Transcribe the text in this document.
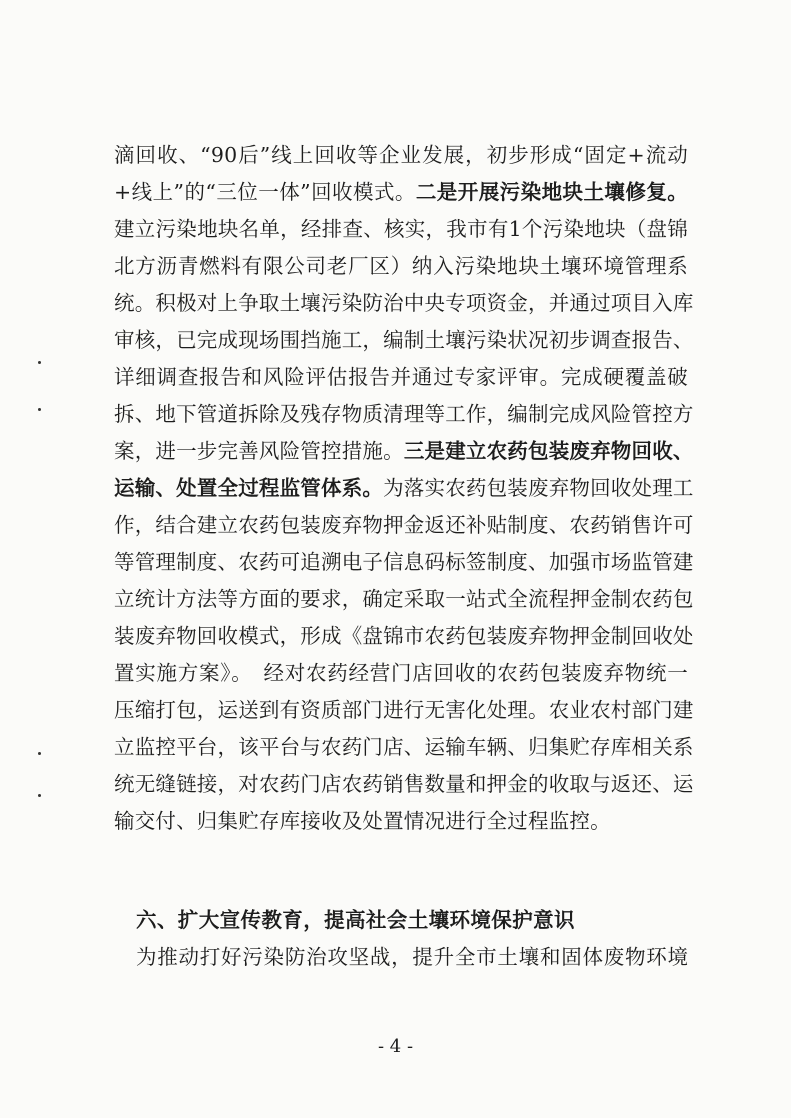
滴回收、“90后”线上回收等企业发展，初步形成“固定+流动
+线上”的“三位一体”回收模式。二是开展污染地块土壤修复。
建立污染地块名单，经排查、核实，我市有1个污染地块（盘锦
北方沥青燃料有限公司老厂区）纳入污染地块土壤环境管理系
统。积极对上争取土壤污染防治中央专项资金，并通过项目入库
审核，已完成现场围挡施工，编制土壤污染状况初步调查报告、
详细调查报告和风险评估报告并通过专家评审。完成硬覆盖破
拆、地下管道拆除及残存物质清理等工作，编制完成风险管控方
案，进一步完善风险管控措施。三是建立农药包装废弃物回收、
运输、处置全过程监管体系。为落实农药包装废弃物回收处理工
作，结合建立农药包装废弃物押金返还补贴制度、农药销售许可
等管理制度、农药可追溯电子信息码标签制度、加强市场监管建
立统计方法等方面的要求，确定采取一站式全流程押金制农药包
装废弃物回收模式，形成《盘锦市农药包装废弃物押金制回收处
置实施方案》。　经对农药经营门店回收的农药包装废弃物统一
压缩打包，运送到有资质部门进行无害化处理。农业农村部门建
立监控平台，该平台与农药门店、运输车辆、归集贮存库相关系
统无缝链接，对农药门店农药销售数量和押金的收取与返还、运
输交付、归集贮存库接收及处置情况进行全过程监控。
六、扩大宣传教育，提高社会土壤环境保护意识
为推动打好污染防治攻坚战，提升全市土壤和固体废物环境
- 4 -
